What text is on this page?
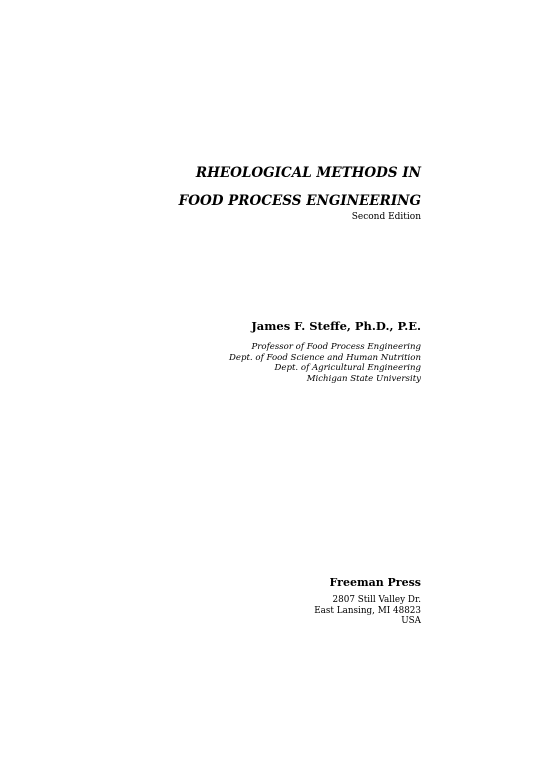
RHEOLOGICAL METHODS IN
FOOD PROCESS ENGINEERING
Second Edition
James F. Steffe, Ph.D., P.E.
Professor of Food Process Engineering
Dept. of Food Science and Human Nutrition
Dept. of Agricultural Engineering
Michigan State University
Freeman Press
2807 Still Valley Dr.
East Lansing, MI 48823
USA
